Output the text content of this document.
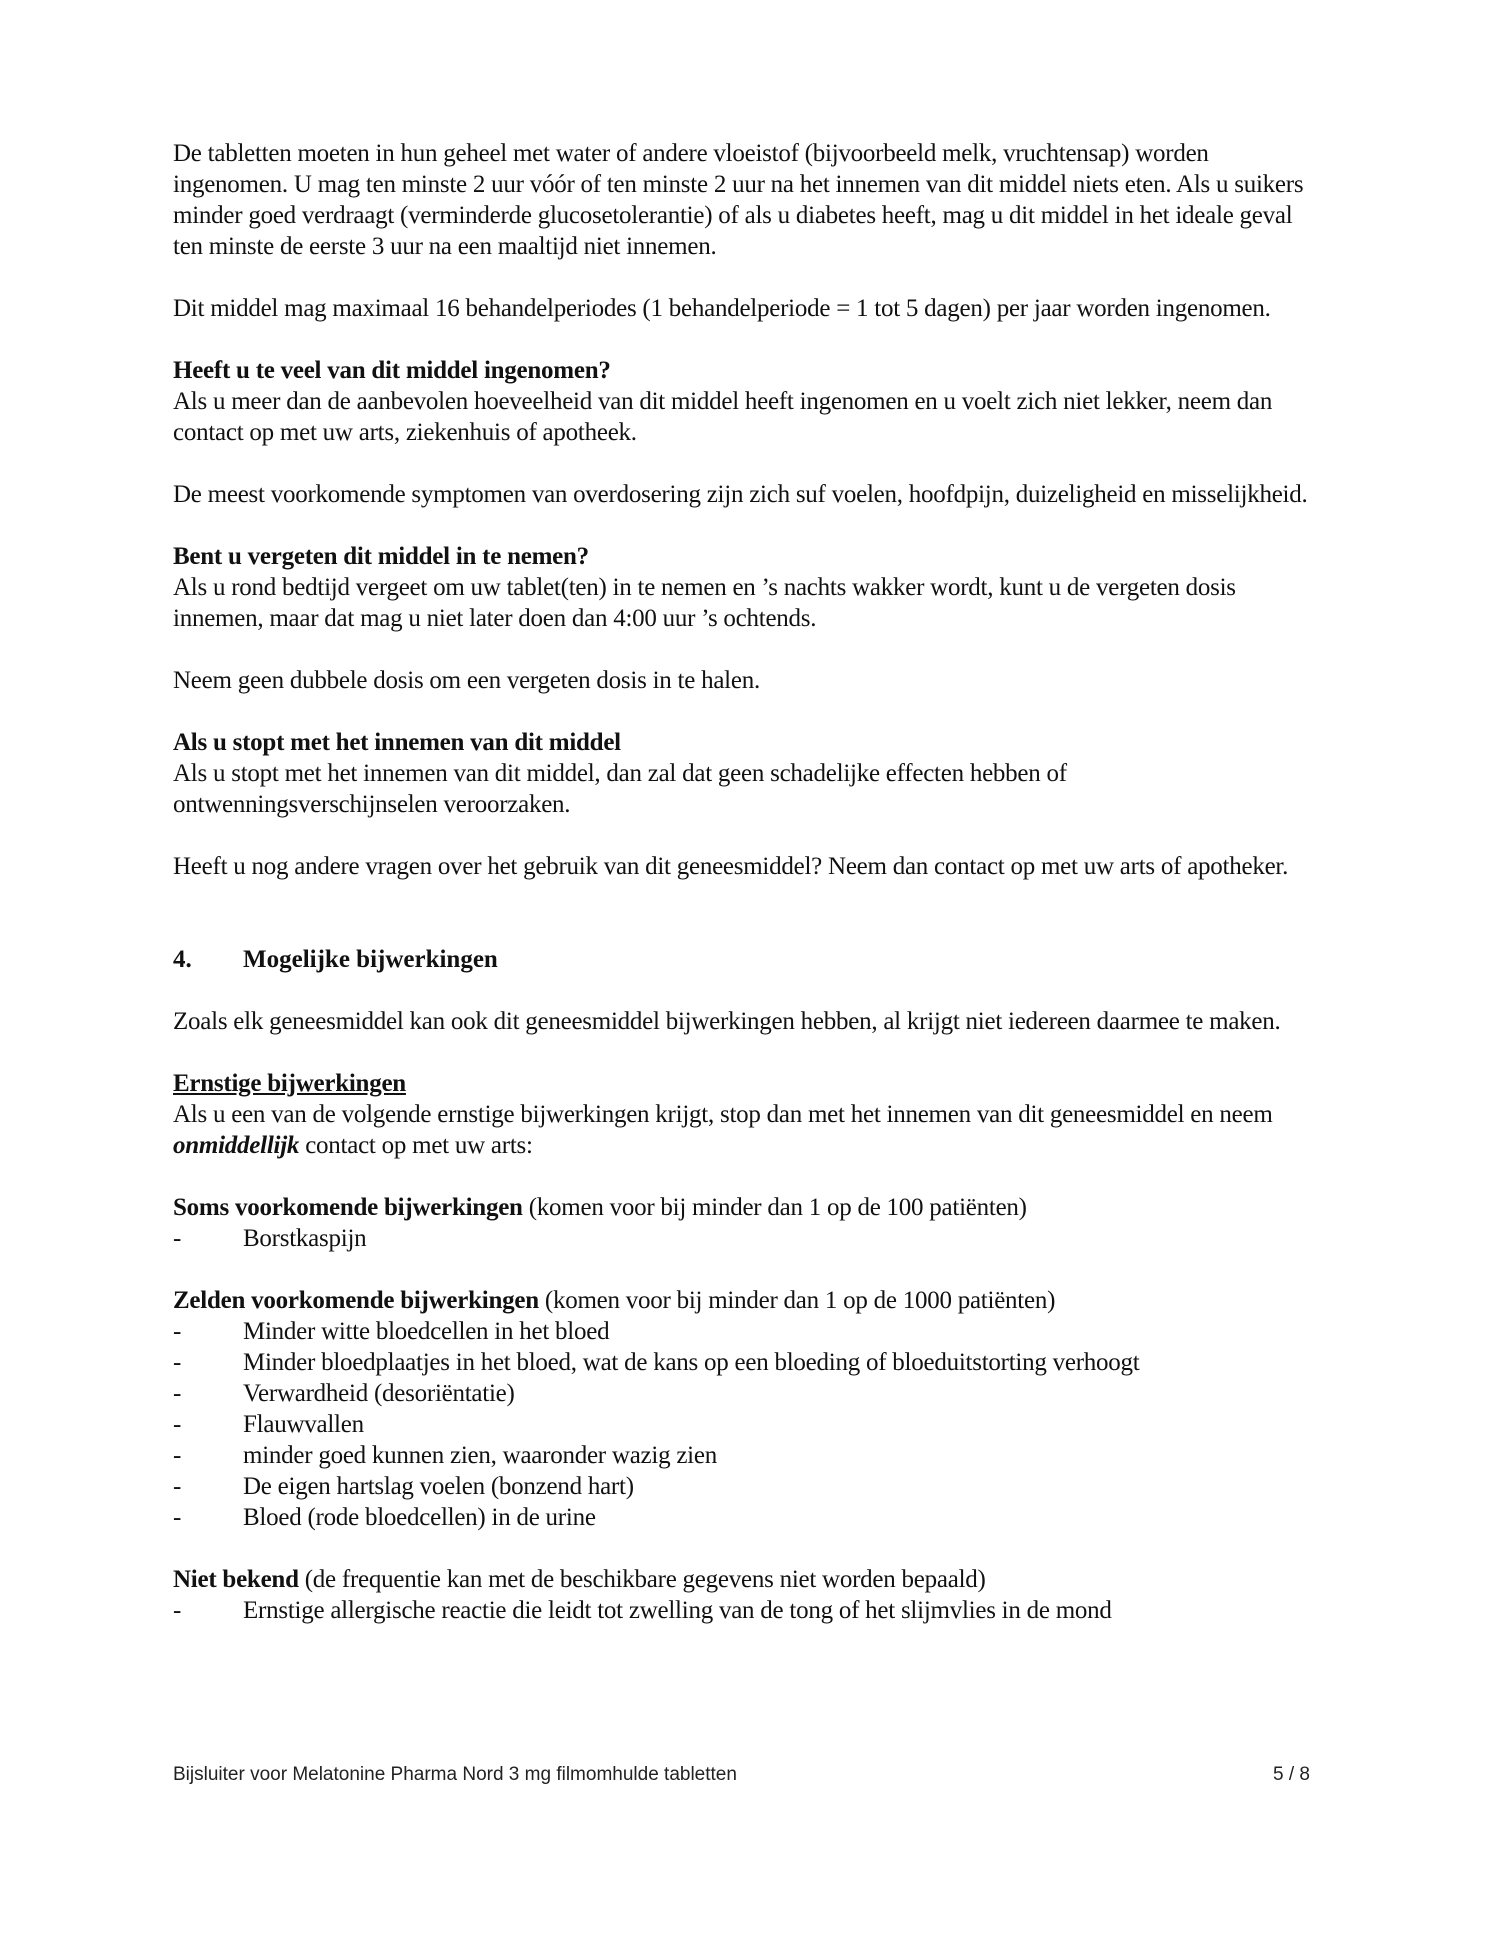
De tabletten moeten in hun geheel met water of andere vloeistof (bijvoorbeeld melk, vruchtensap) worden ingenomen. U mag ten minste 2 uur vóór of ten minste 2 uur na het innemen van dit middel niets eten. Als u suikers minder goed verdraagt (verminderde glucosetolerantie) of als u diabetes heeft, mag u dit middel in het ideale geval ten minste de eerste 3 uur na een maaltijd niet innemen.

Dit middel mag maximaal 16 behandelperiodes (1 behandelperiode = 1 tot 5 dagen) per jaar worden ingenomen.

Heeft u te veel van dit middel ingenomen?

Als u meer dan de aanbevolen hoeveelheid van dit middel heeft ingenomen en u voelt zich niet lekker, neem dan contact op met uw arts, ziekenhuis of apotheek.

De meest voorkomende symptomen van overdosering zijn zich suf voelen, hoofdpijn, duizeligheid en misselijkheid.

Bent u vergeten dit middel in te nemen?

Als u rond bedtijd vergeet om uw tablet(ten) in te nemen en ’s nachts wakker wordt, kunt u de vergeten dosis innemen, maar dat mag u niet later doen dan 4:00 uur ’s ochtends.

Neem geen dubbele dosis om een vergeten dosis in te halen.

Als u stopt met het innemen van dit middel

Als u stopt met het innemen van dit middel, dan zal dat geen schadelijke effecten hebben of ontwenningsverschijnselen veroorzaken.

Heeft u nog andere vragen over het gebruik van dit geneesmiddel? Neem dan contact op met uw arts of apotheker.

4.	Mogelijke bijwerkingen

Zoals elk geneesmiddel kan ook dit geneesmiddel bijwerkingen hebben, al krijgt niet iedereen daarmee te maken.

Ernstige bijwerkingen

Als u een van de volgende ernstige bijwerkingen krijgt, stop dan met het innemen van dit geneesmiddel en neem onmiddellijk contact op met uw arts:

Soms voorkomende bijwerkingen (komen voor bij minder dan 1 op de 100 patiënten)

-	Borstkaspijn

Zelden voorkomende bijwerkingen (komen voor bij minder dan 1 op de 1000 patiënten)

-	Minder witte bloedcellen in het bloed
-	Minder bloedplaatjes in het bloed, wat de kans op een bloeding of bloeduitstorting verhoogt
-	Verwardheid (desoriëntatie)
-	Flauwvallen
-	minder goed kunnen zien, waaronder wazig zien
-	De eigen hartslag voelen (bonzend hart)
-	Bloed (rode bloedcellen) in de urine

Niet bekend (de frequentie kan met de beschikbare gegevens niet worden bepaald)

-	Ernstige allergische reactie die leidt tot zwelling van de tong of het slijmvlies in de mond
Bijsluiter voor Melatonine Pharma Nord 3 mg filmomhulde tabletten	5 / 8
